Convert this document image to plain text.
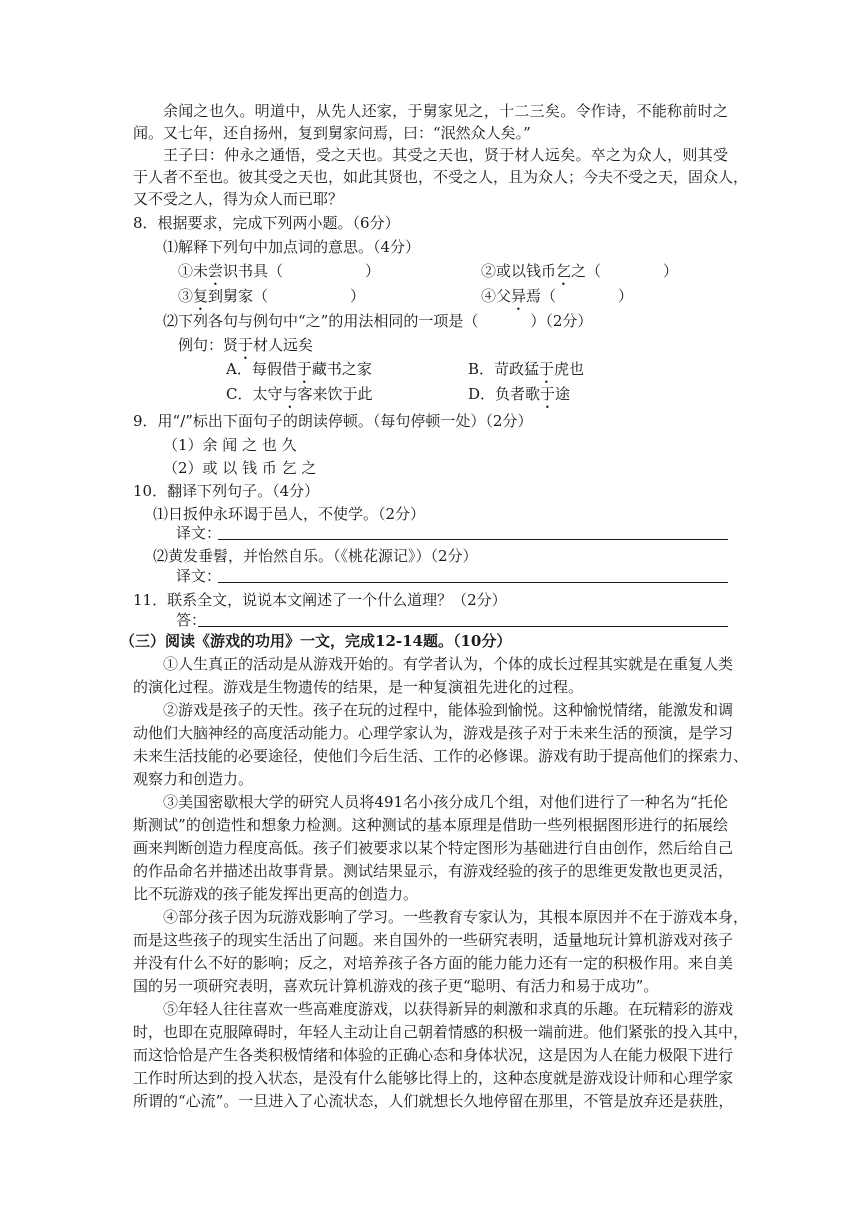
余闻之也久。明道中，从先人还家，于舅家见之，十二三矣。令作诗，不能称前时之
闻。又七年，还自扬州，复到舅家问焉，曰：“泯然众人矣。”
王子曰：仲永之通悟，受之天也。其受之天也，贤于材人远矣。卒之为众人，则其受
于人者不至也。彼其受之天也，如此其贤也，不受之人，且为众人；今夫不受之天，固众人，
又不受之人，得为众人而已耶？
8．根据要求，完成下列两小题。（6分）
⑴解释下列句中加点词的意思。（4分）
①未尝识书具（	）	②或以钱币乞之（	）
③复到舅家（	）	④父异焉（	）
⑵下列各句与例句中“之”的用法相同的一项是（	）（2分）
例句：贤于材人远矣
A．每假借于藏书之家	B．苛政猛于虎也
C．太守与客来饮于此	D．负者歌于途
9．用“/”标出下面句子的朗读停顿。（每句停顿一处）（2分）
（1）余 闻 之 也 久
（2）或 以 钱 币 乞 之
10．翻译下列句子。（4分）
⑴日扳仲永环谒于邑人，不使学。（2分）
译文：
⑵黄发垂髫，并怡然自乐。（《桃花源记》）（2分）
译文：
11．联系全文，说说本文阐述了一个什么道理？（2分）
答：
（三）阅读《游戏的功用》一文，完成12-14题。（10分）
①人生真正的活动是从游戏开始的。有学者认为，个体的成长过程其实就是在重复人类
的演化过程。游戏是生物遗传的结果，是一种复演祖先进化的过程。
②游戏是孩子的天性。孩子在玩的过程中，能体验到愉悦。这种愉悦情绪，能激发和调
动他们大脑神经的高度活动能力。心理学家认为，游戏是孩子对于未来生活的预演，是学习
未来生活技能的必要途径，使他们今后生活、工作的必修课。游戏有助于提高他们的探索力、
观察力和创造力。
③美国密歇根大学的研究人员将491名小孩分成几个组，对他们进行了一种名为“托伦
斯测试”的创造性和想象力检测。这种测试的基本原理是借助一些列根据图形进行的拓展绘
画来判断创造力程度高低。孩子们被要求以某个特定图形为基础进行自由创作，然后给自己
的作品命名并描述出故事背景。测试结果显示，有游戏经验的孩子的思维更发散也更灵活，
比不玩游戏的孩子能发挥出更高的创造力。
④部分孩子因为玩游戏影响了学习。一些教育专家认为，其根本原因并不在于游戏本身，
而是这些孩子的现实生活出了问题。来自国外的一些研究表明，适量地玩计算机游戏对孩子
并没有什么不好的影响；反之，对培养孩子各方面的能力能力还有一定的积极作用。来自美
国的另一项研究表明，喜欢玩计算机游戏的孩子更“聪明、有活力和易于成功”。
⑤年轻人往往喜欢一些高难度游戏，以获得新异的刺激和求真的乐趣。在玩精彩的游戏
时，也即在克服障碍时，年轻人主动让自己朝着情感的积极一端前进。他们紧张的投入其中，
而这恰恰是产生各类积极情绪和体验的正确心态和身体状况，这是因为人在能力极限下进行
工作时所达到的投入状态，是没有什么能够比得上的，这种态度就是游戏设计师和心理学家
所谓的“心流”。一旦进入了心流状态，人们就想长久地停留在那里，不管是放弃还是获胜，
